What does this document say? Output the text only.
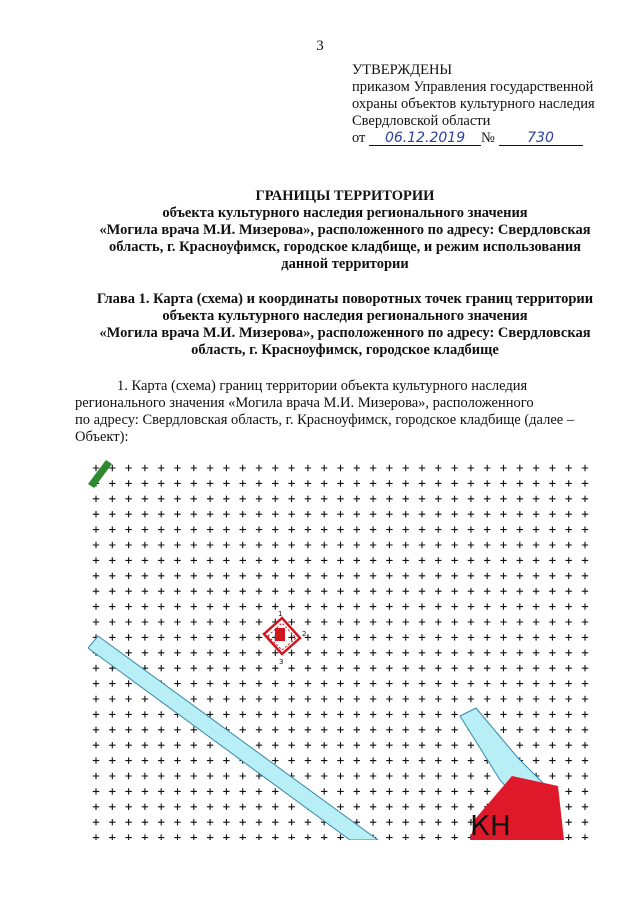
3
УТВЕРЖДЕНЫ
приказом Управления государственной
охраны объектов культурного наследия
Свердловской области
от 06.12.2019 № 730
ГРАНИЦЫ ТЕРРИТОРИИ
объекта культурного наследия регионального значения
«Могила врача М.И. Мизерова», расположенного по адресу: Свердловская
область, г. Красноуфимск, городское кладбище, и режим использования
данной территории
Глава 1. Карта (схема) и координаты поворотных точек границ территории
объекта культурного наследия регионального значения
«Могила врача М.И. Мизерова», расположенного по адресу: Свердловская
область, г. Красноуфимск, городское кладбище
1. Карта (схема) границ территории объекта культурного наследия
регионального значения «Могила врача М.И. Мизерова», расположенного
по адресу: Свердловская область, г. Красноуфимск, городское кладбище (далее –
Объект):
КН
1
2
3
